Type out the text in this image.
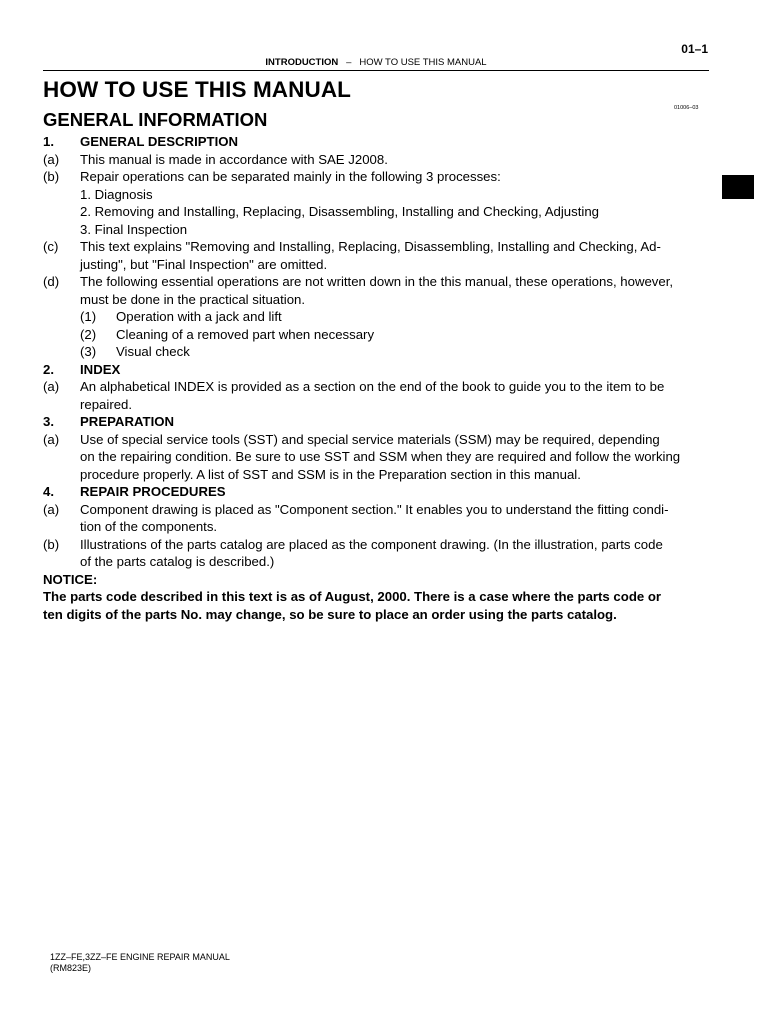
01–1
INTRODUCTION – HOW TO USE THIS MANUAL
HOW TO USE THIS MANUAL
GENERAL INFORMATION
01006–03
1. GENERAL DESCRIPTION
(a) This manual is made in accordance with SAE J2008.
(b) Repair operations can be separated mainly in the following 3 processes:
1. Diagnosis
2. Removing and Installing, Replacing, Disassembling, Installing and Checking, Adjusting
3. Final Inspection
(c) This text explains "Removing and Installing, Replacing, Disassembling, Installing and Checking, Ad-
justing", but "Final Inspection" are omitted.
(d) The following essential operations are not written down in the this manual, these operations, however,
must be done in the practical situation.
(1) Operation with a jack and lift
(2) Cleaning of a removed part when necessary
(3) Visual check
2. INDEX
(a) An alphabetical INDEX is provided as a section on the end of the book to guide you to the item to be
repaired.
3. PREPARATION
(a) Use of special service tools (SST) and special service materials (SSM) may be required, depending
on the repairing condition. Be sure to use SST and SSM when they are required and follow the working
procedure properly. A list of SST and SSM is in the Preparation section in this manual.
4. REPAIR PROCEDURES
(a) Component drawing is placed as "Component section." It enables you to understand the fitting condi-
tion of the components.
(b) Illustrations of the parts catalog are placed as the component drawing. (In the illustration, parts code
of the parts catalog is described.)
NOTICE:
The parts code described in this text is as of August, 2000. There is a case where the parts code or
ten digits of the parts No. may change, so be sure to place an order using the parts catalog.
1ZZ–FE,3ZZ–FE ENGINE REPAIR MANUAL
(RM823E)
